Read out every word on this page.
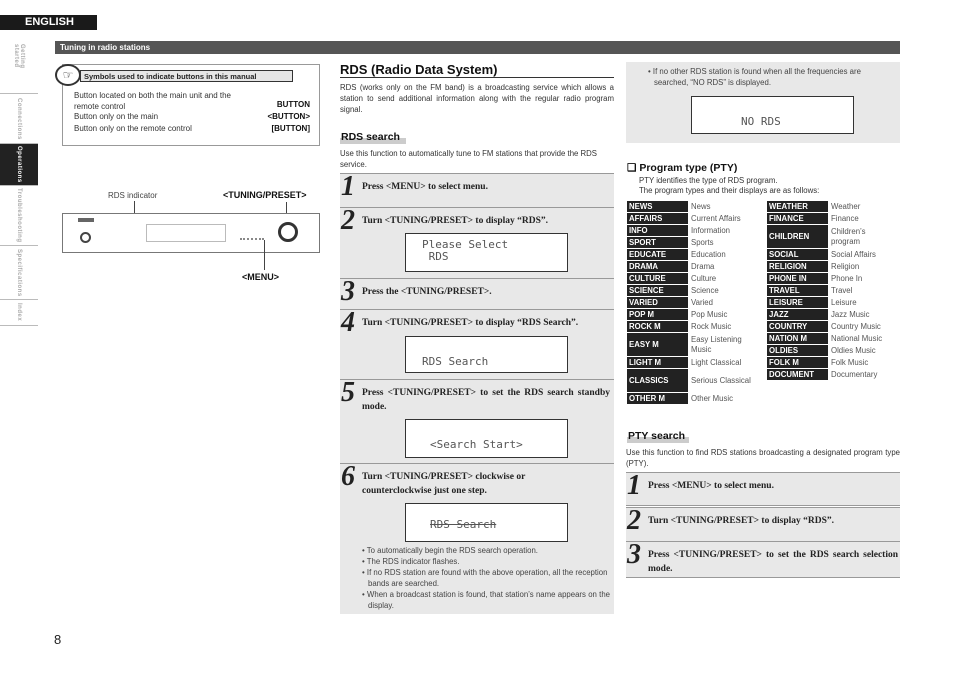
ENGLISH
Tuning in radio stations
Getting started
Connections
Operations
Troubleshooting
Specifications
Index
8
☞	Symbols used to indicate buttons in this manual
Button located on both the main unit and the remote control	BUTTON
Button only on the main	<BUTTON>
Button only on the remote control	[BUTTON]
RDS indicator	<TUNING/PRESET>
<MENU>
RDS (Radio Data System)
RDS (works only on the FM band) is a broadcasting service which allows a station to send additional information along with the regular radio program signal.
RDS search
Use this function to automatically tune to FM stations that provide the RDS service.
1 Press <MENU> to select menu.
2 Turn <TUNING/PRESET> to display “RDS”.
Please Select
RDS
3 Press the <TUNING/PRESET>.
4 Turn <TUNING/PRESET> to display “RDS Search”.
RDS Search
5 Press <TUNING/PRESET> to set the RDS search standby mode.
<Search Start>
6 Turn <TUNING/PRESET> clockwise or counterclockwise just one step.
RDS Search
• To automatically begin the RDS search operation.
• The RDS indicator flashes.
• If no RDS station are found with the above operation, all the reception bands are searched.
• When a broadcast station is found, that station’s name appears on the display.
• If no other RDS station is found when all the frequencies are searched, “NO RDS” is displayed.
NO RDS
❑ Program type (PTY)
PTY identifies the type of RDS program.
The program types and their displays are as follows:
NEWS	News
AFFAIRS	Current Affairs
INFO	Information
SPORT	Sports
EDUCATE	Education
DRAMA	Drama
CULTURE	Culture
SCIENCE	Science
VARIED	Varied
POP M	Pop Music
ROCK M	Rock Music
EASY M	Easy Listening Music
LIGHT M	Light Classical
CLASSICS	Serious Classical
OTHER M	Other Music
WEATHER	Weather
FINANCE	Finance
CHILDREN	Children’s program
SOCIAL	Social Affairs
RELIGION	Religion
PHONE IN	Phone In
TRAVEL	Travel
LEISURE	Leisure
JAZZ	Jazz Music
COUNTRY	Country Music
NATION M	National Music
OLDIES	Oldies Music
FOLK M	Folk Music
DOCUMENT	Documentary
PTY search
Use this function to find RDS stations broadcasting a designated program type (PTY).
1 Press <MENU> to select menu.
2 Turn <TUNING/PRESET> to display “RDS”.
3 Press <TUNING/PRESET> to set the RDS search selection mode.
